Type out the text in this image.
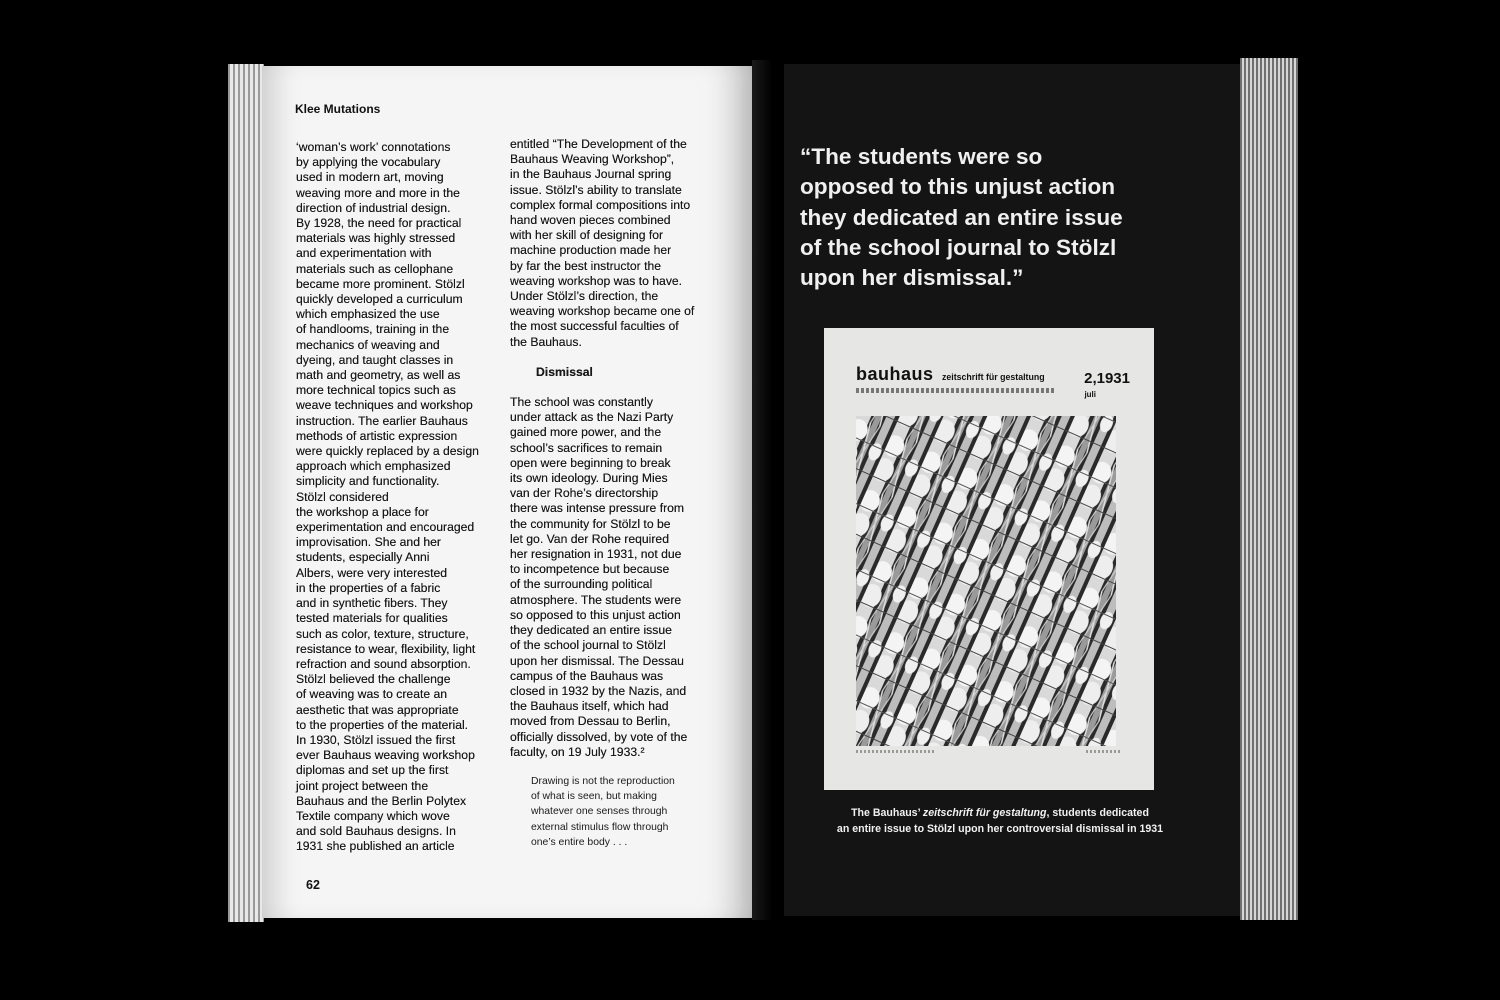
Klee Mutations

‘woman’s work’ connotations
by applying the vocabulary
used in modern art, moving
weaving more and more in the
direction of industrial design.
By 1928, the need for practical
materials was highly stressed
and experimentation with
materials such as cellophane
became more prominent. Stölzl
quickly developed a curriculum
which emphasized the use
of handlooms, training in the
mechanics of weaving and
dyeing, and taught classes in
math and geometry, as well as
more technical topics such as
weave techniques and workshop
instruction. The earlier Bauhaus
methods of artistic expression
were quickly replaced by a design
approach which emphasized
simplicity and functionality.
Stölzl considered
the workshop a place for
experimentation and encouraged
improvisation. She and her
students, especially Anni
Albers, were very interested
in the properties of a fabric
and in synthetic fibers. They
tested materials for qualities
such as color, texture, structure,
resistance to wear, flexibility, light
refraction and sound absorption.
Stölzl believed the challenge
of weaving was to create an
aesthetic that was appropriate
to the properties of the material.
In 1930, Stölzl issued the first
ever Bauhaus weaving workshop
diplomas and set up the first
joint project between the
Bauhaus and the Berlin Polytex
Textile company which wove
and sold Bauhaus designs. In
1931 she published an article

entitled “The Development of the
Bauhaus Weaving Workshop”,
in the Bauhaus Journal spring
issue. Stölzl’s ability to translate
complex formal compositions into
hand woven pieces combined
with her skill of designing for
machine production made her
by far the best instructor the
weaving workshop was to have.
Under Stölzl’s direction, the
weaving workshop became one of
the most successful faculties of
the Bauhaus.

Dismissal

The school was constantly
under attack as the Nazi Party
gained more power, and the
school’s sacrifices to remain
open were beginning to break
its own ideology. During Mies
van der Rohe’s directorship
there was intense pressure from
the community for Stölzl to be
let go. Van der Rohe required
her resignation in 1931, not due
to incompetence but because
of the surrounding political
atmosphere. The students were
so opposed to this unjust action
they dedicated an entire issue
of the school journal to Stölzl
upon her dismissal. The Dessau
campus of the Bauhaus was
closed in 1932 by the Nazis, and
the Bauhaus itself, which had
moved from Dessau to Berlin,
officially dissolved, by vote of the
faculty, on 19 July 1933.²

Drawing is not the reproduction
of what is seen, but making
whatever one senses through
external stimulus flow through
one’s entire body . . .
62
“The students were so
opposed to this unjust action
they dedicated an entire issue
of the school journal to Stölzl
upon her dismissal.”
bauhaus zeitschrift für gestaltung	2,1931
juli
The Bauhaus’ zeitschrift für gestaltung, students dedicated
an entire issue to Stölzl upon her controversial dismissal in 1931
